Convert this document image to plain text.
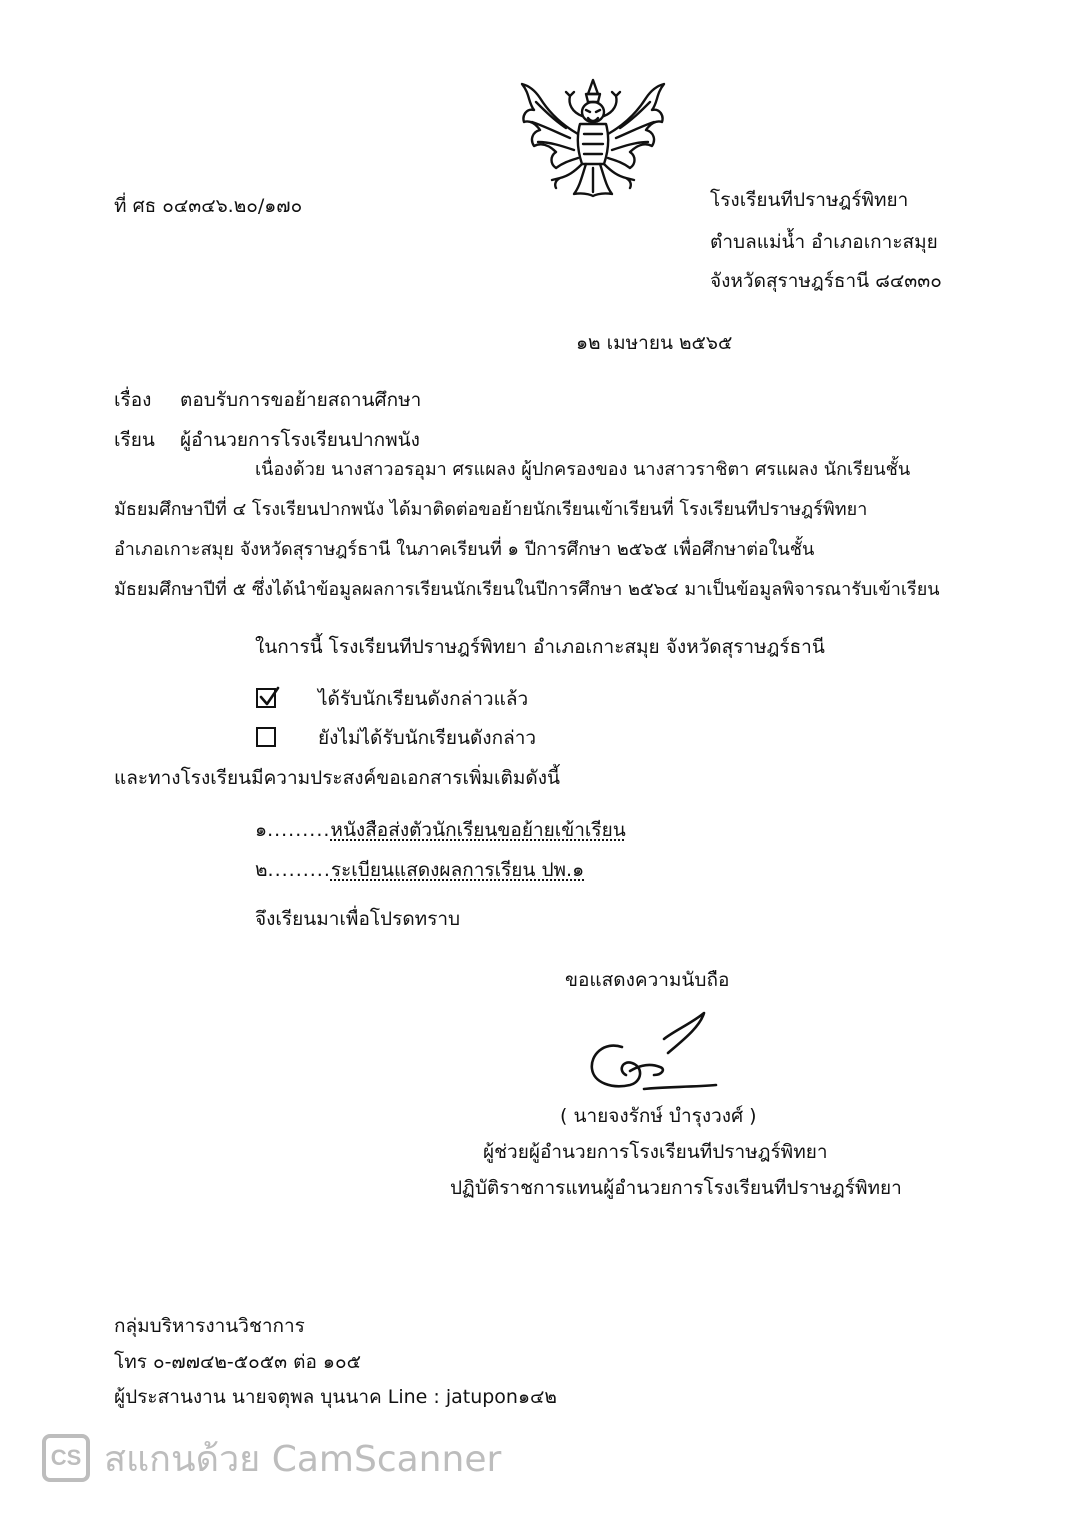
ที่ ศธ ๐๔๓๔๖.๒๐/๑๗๐	โรงเรียนทีปราษฎร์พิทยา
ตำบลแม่น้ำ อำเภอเกาะสมุย
จังหวัดสุราษฎร์ธานี ๘๔๓๓๐
๑๒ เมษายน ๒๕๖๕
เรื่อง ตอบรับการขอย้ายสถานศึกษา
เรียน ผู้อำนวยการโรงเรียนปากพนัง
เนื่องด้วย นางสาวอรอุมา ศรแผลง ผู้ปกครองของ นางสาวราชิตา ศรแผลง นักเรียนชั้น
มัธยมศึกษาปีที่ ๔ โรงเรียนปากพนัง ได้มาติดต่อขอย้ายนักเรียนเข้าเรียนที่ โรงเรียนทีปราษฎร์พิทยา
อำเภอเกาะสมุย จังหวัดสุราษฎร์ธานี ในภาคเรียนที่ ๑ ปีการศึกษา ๒๕๖๕ เพื่อศึกษาต่อในชั้น
มัธยมศึกษาปีที่ ๕ ซึ่งได้นำข้อมูลผลการเรียนนักเรียนในปีการศึกษา ๒๕๖๔ มาเป็นข้อมูลพิจารณารับเข้าเรียน
ในการนี้ โรงเรียนทีปราษฎร์พิทยา อำเภอเกาะสมุย จังหวัดสุราษฎร์ธานี
ได้รับนักเรียนดังกล่าวแล้ว
ยังไม่ได้รับนักเรียนดังกล่าว
และทางโรงเรียนมีความประสงค์ขอเอกสารเพิ่มเติมดังนี้
๑.........หนังสือส่งตัวนักเรียนขอย้ายเข้าเรียน
๒.........ระเบียนแสดงผลการเรียน ปพ.๑
จึงเรียนมาเพื่อโปรดทราบ
ขอแสดงความนับถือ
( นายจงรักษ์ บำรุงวงศ์ )
ผู้ช่วยผู้อำนวยการโรงเรียนทีปราษฎร์พิทยา
ปฏิบัติราชการแทนผู้อำนวยการโรงเรียนทีปราษฎร์พิทยา
กลุ่มบริหารงานวิชาการ
โทร ๐-๗๗๔๒-๕๐๕๓ ต่อ ๑๐๕
ผู้ประสานงาน นายจตุพล บุนนาค Line : jatupon๑๔๒
CS สแกนด้วย CamScanner
